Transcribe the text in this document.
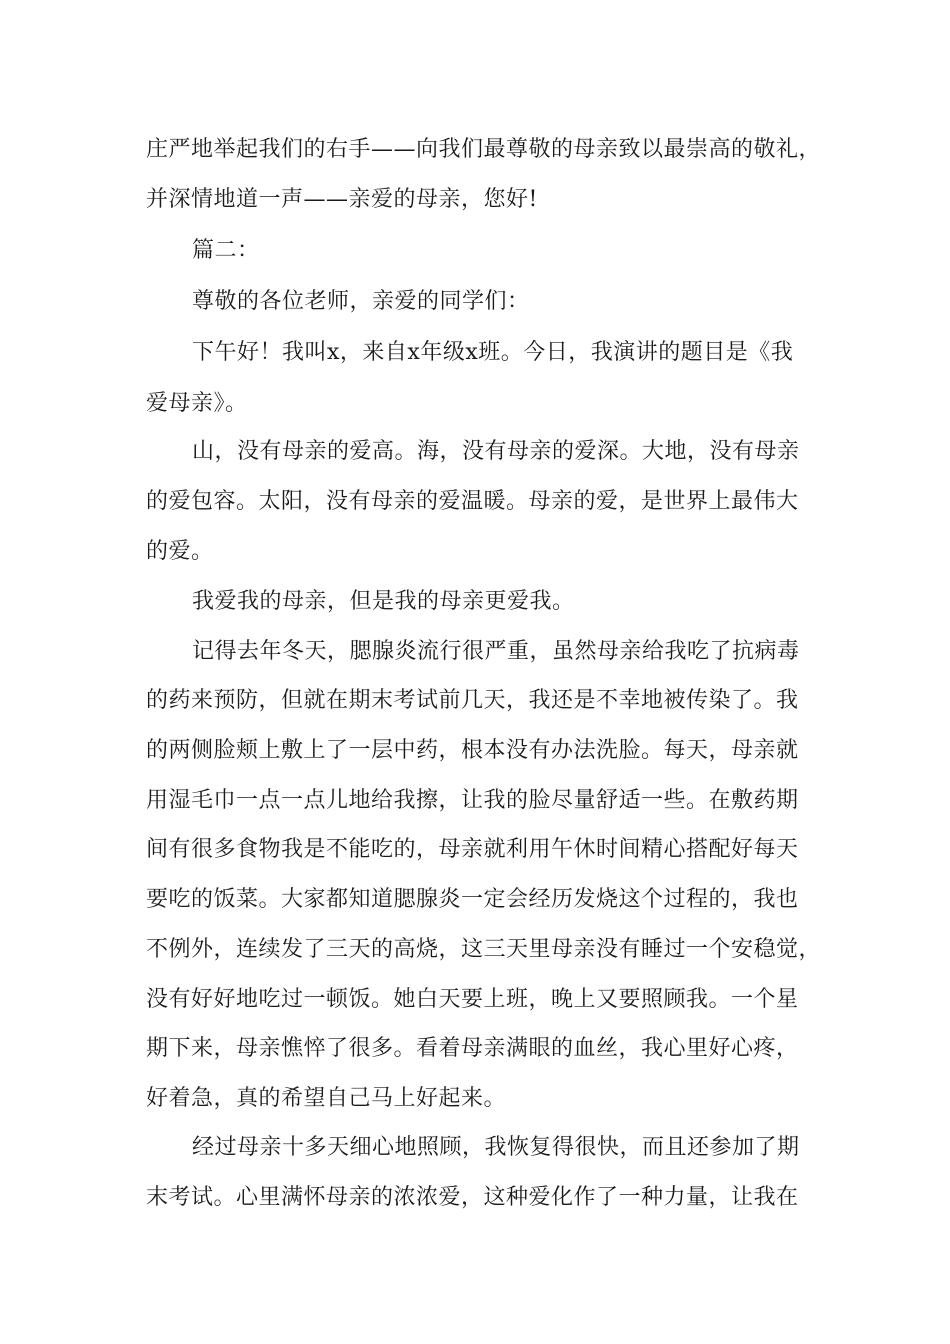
庄严地举起我们的右手——向我们最尊敬的母亲致以最崇高的敬礼，
并深情地道一声——亲爱的母亲，您好!
篇二：
尊敬的各位老师，亲爱的同学们：
下午好！我叫x，来自x年级x班。今日，我演讲的题目是《我
爱母亲》。
山，没有母亲的爱高。海，没有母亲的爱深。大地，没有母亲
的爱包容。太阳，没有母亲的爱温暖。母亲的爱，是世界上最伟大
的爱。
我爱我的母亲，但是我的母亲更爱我。
记得去年冬天，腮腺炎流行很严重，虽然母亲给我吃了抗病毒
的药来预防，但就在期末考试前几天，我还是不幸地被传染了。我
的两侧脸颊上敷上了一层中药，根本没有办法洗脸。每天，母亲就
用湿毛巾一点一点儿地给我擦，让我的脸尽量舒适一些。在敷药期
间有很多食物我是不能吃的，母亲就利用午休时间精心搭配好每天
要吃的饭菜。大家都知道腮腺炎一定会经历发烧这个过程的，我也
不例外，连续发了三天的高烧，这三天里母亲没有睡过一个安稳觉，
没有好好地吃过一顿饭。她白天要上班，晚上又要照顾我。一个星
期下来，母亲憔悴了很多。看着母亲满眼的血丝，我心里好心疼，
好着急，真的希望自己马上好起来。
经过母亲十多天细心地照顾，我恢复得很快，而且还参加了期
末考试。心里满怀母亲的浓浓爱，这种爱化作了一种力量，让我在
